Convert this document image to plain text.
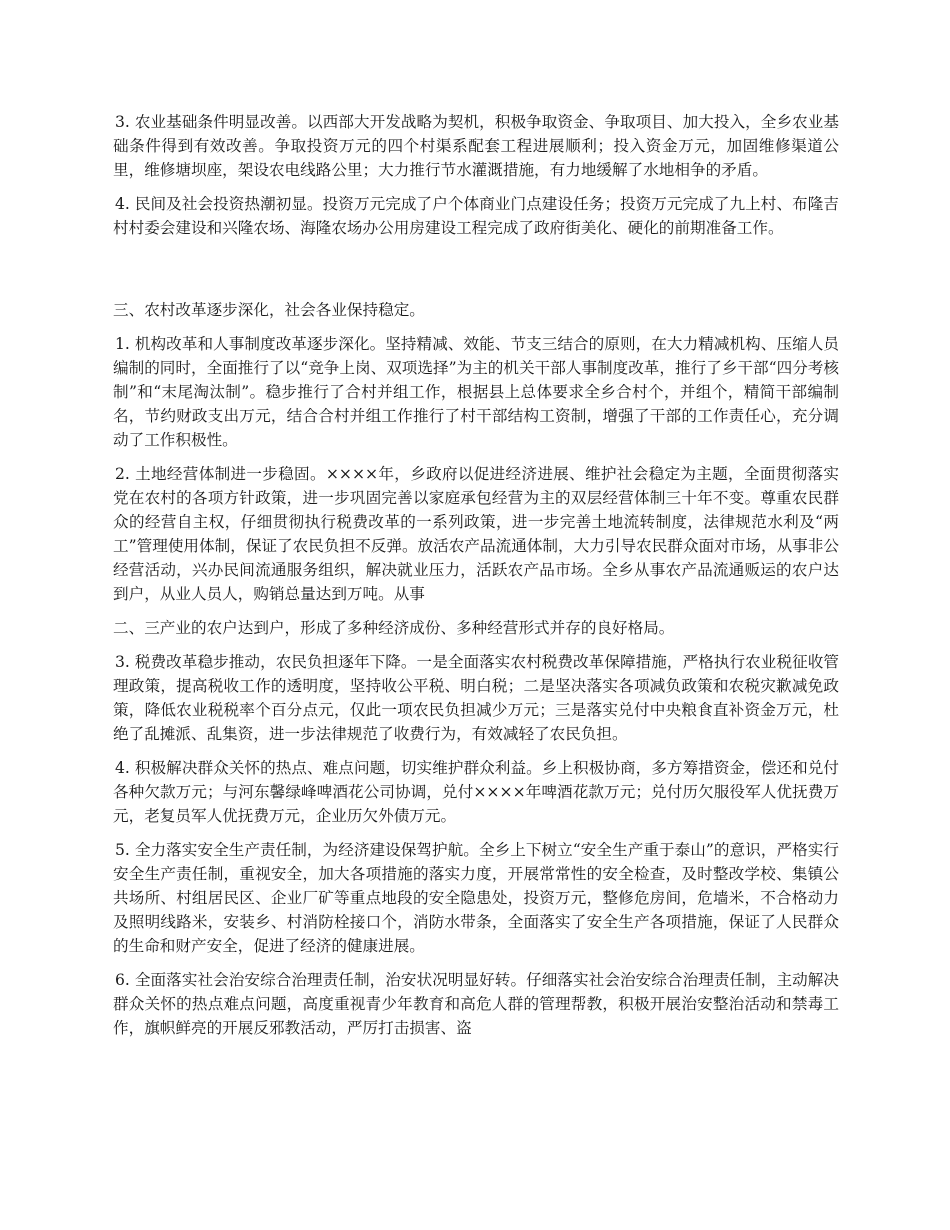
3. 农业基础条件明显改善。以西部大开发战略为契机，积极争取资金、争取项目、加大投入，全乡农业基础条件得到有效改善。争取投资万元的四个村渠系配套工程进展顺利；投入资金万元，加固维修渠道公里，维修塘坝座，架设农电线路公里；大力推行节水灌溉措施，有力地缓解了水地相争的矛盾。

4. 民间及社会投资热潮初显。投资万元完成了户个体商业门点建设任务；投资万元完成了九上村、布隆吉村村委会建设和兴隆农场、海隆农场办公用房建设工程完成了政府街美化、硬化的前期准备工作。

三、农村改革逐步深化，社会各业保持稳定。

1. 机构改革和人事制度改革逐步深化。坚持精减、效能、节支三结合的原则，在大力精减机构、压缩人员编制的同时，全面推行了以“竞争上岗、双项选择”为主的机关干部人事制度改革，推行了乡干部“四分考核制”和“末尾淘汰制”。稳步推行了合村并组工作，根据县上总体要求全乡合村个，并组个，精简干部编制名，节约财政支出万元，结合合村并组工作推行了村干部结构工资制，增强了干部的工作责任心，充分调动了工作积极性。

2. 土地经营体制进一步稳固。××××年，乡政府以促进经济进展、维护社会稳定为主题，全面贯彻落实党在农村的各项方针政策，进一步巩固完善以家庭承包经营为主的双层经营体制三十年不变。尊重农民群众的经营自主权，仔细贯彻执行税费改革的一系列政策，进一步完善土地流转制度，法律规范水利及“两工”管理使用体制，保证了农民负担不反弹。放活农产品流通体制，大力引导农民群众面对市场，从事非公经营活动，兴办民间流通服务组织，解决就业压力，活跃农产品市场。全乡从事农产品流通贩运的农户达到户，从业人员人，购销总量达到万吨。从事

二、三产业的农户达到户，形成了多种经济成份、多种经营形式并存的良好格局。

3. 税费改革稳步推动，农民负担逐年下降。一是全面落实农村税费改革保障措施，严格执行农业税征收管理政策，提高税收工作的透明度，坚持收公平税、明白税；二是坚决落实各项减负政策和农税灾歉减免政策，降低农业税税率个百分点元，仅此一项农民负担减少万元；三是落实兑付中央粮食直补资金万元，杜绝了乱摊派、乱集资，进一步法律规范了收费行为，有效减轻了农民负担。

4. 积极解决群众关怀的热点、难点问题，切实维护群众利益。乡上积极协商，多方筹措资金，偿还和兑付各种欠款万元；与河东馨绿峰啤酒花公司协调，兑付××××年啤酒花款万元；兑付历欠服役军人优抚费万元，老复员军人优抚费万元，企业历欠外债万元。

5. 全力落实安全生产责任制，为经济建设保驾护航。全乡上下树立“安全生产重于泰山”的意识，严格实行安全生产责任制，重视安全，加大各项措施的落实力度，开展常常性的安全检查，及时整改学校、集镇公共场所、村组居民区、企业厂矿等重点地段的安全隐患处，投资万元，整修危房间，危墙米，不合格动力及照明线路米，安装乡、村消防栓接口个，消防水带条，全面落实了安全生产各项措施，保证了人民群众的生命和财产安全，促进了经济的健康进展。

6. 全面落实社会治安综合治理责任制，治安状况明显好转。仔细落实社会治安综合治理责任制，主动解决群众关怀的热点难点问题，高度重视青少年教育和高危人群的管理帮教，积极开展治安整治活动和禁毒工作，旗帜鲜亮的开展反邪教活动，严厉打击损害、盗
